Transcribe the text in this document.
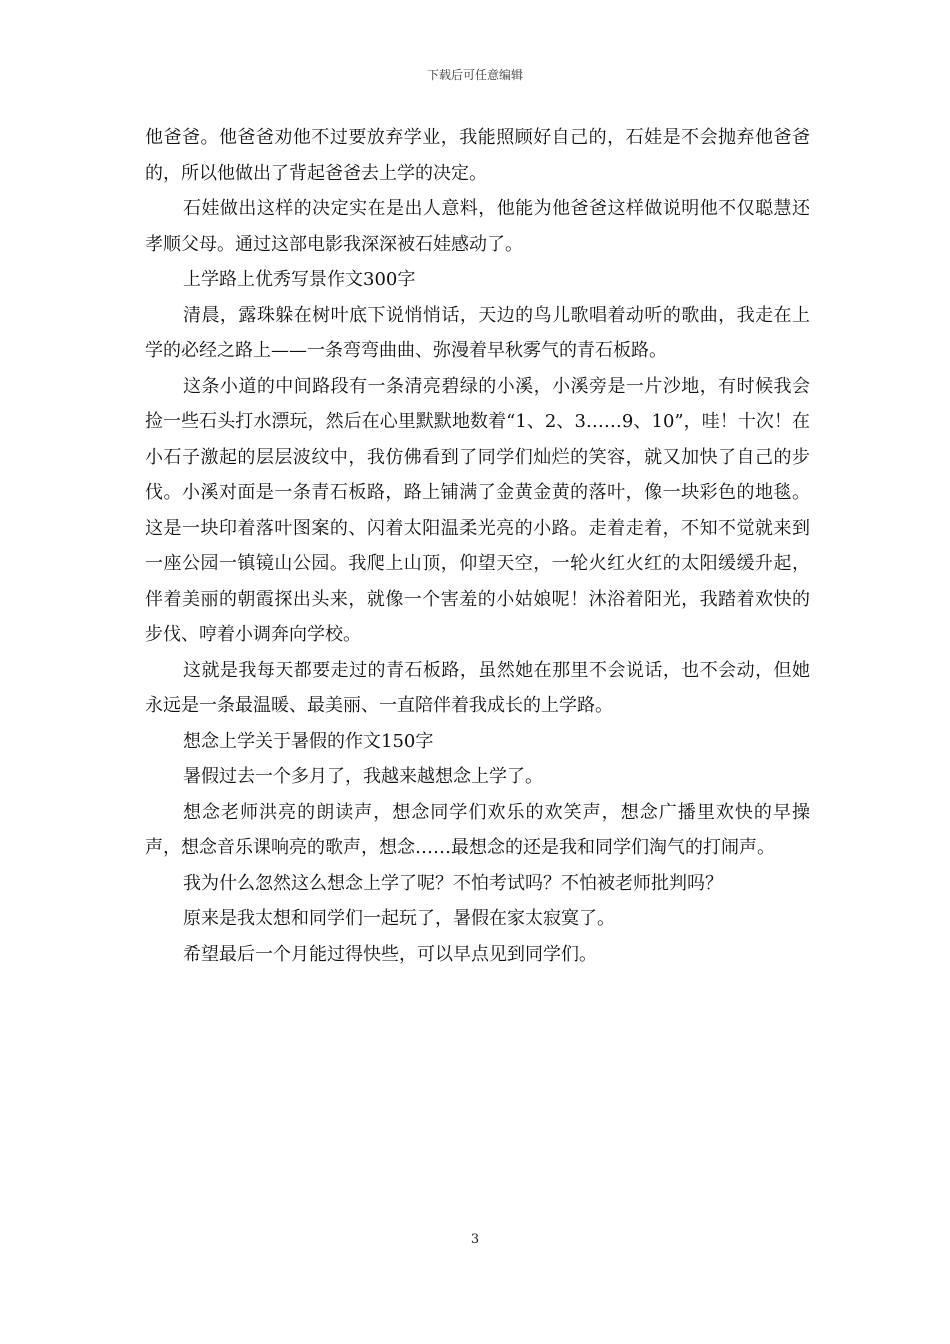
下载后可任意编辑

他爸爸。他爸爸劝他不过要放弃学业，我能照顾好自己的，石娃是不会抛弃他爸爸的，所以他做出了背起爸爸去上学的决定。

石娃做出这样的决定实在是出人意料，他能为他爸爸这样做说明他不仅聪慧还孝顺父母。通过这部电影我深深被石娃感动了。

上学路上优秀写景作文300字

清晨，露珠躲在树叶底下说悄悄话，天边的鸟儿歌唱着动听的歌曲，我走在上学的必经之路上——一条弯弯曲曲、弥漫着早秋雾气的青石板路。

这条小道的中间路段有一条清亮碧绿的小溪，小溪旁是一片沙地，有时候我会捡一些石头打水漂玩，然后在心里默默地数着“1、2、3……9、10”，哇！十次！在小石子激起的层层波纹中，我仿佛看到了同学们灿烂的笑容，就又加快了自己的步伐。小溪对面是一条青石板路，路上铺满了金黄金黄的落叶，像一块彩色的地毯。这是一块印着落叶图案的、闪着太阳温柔光亮的小路。走着走着，不知不觉就来到一座公园一镇镜山公园。我爬上山顶，仰望天空，一轮火红火红的太阳缓缓升起，伴着美丽的朝霞探出头来，就像一个害羞的小姑娘呢！沐浴着阳光，我踏着欢快的步伐、哼着小调奔向学校。

这就是我每天都要走过的青石板路，虽然她在那里不会说话，也不会动，但她永远是一条最温暖、最美丽、一直陪伴着我成长的上学路。

想念上学关于暑假的作文150字

暑假过去一个多月了，我越来越想念上学了。

想念老师洪亮的朗读声，想念同学们欢乐的欢笑声，想念广播里欢快的早操声，想念音乐课响亮的歌声，想念……最想念的还是我和同学们淘气的打闹声。

我为什么忽然这么想念上学了呢？不怕考试吗？不怕被老师批判吗？

原来是我太想和同学们一起玩了，暑假在家太寂寞了。

希望最后一个月能过得快些，可以早点见到同学们。

3
